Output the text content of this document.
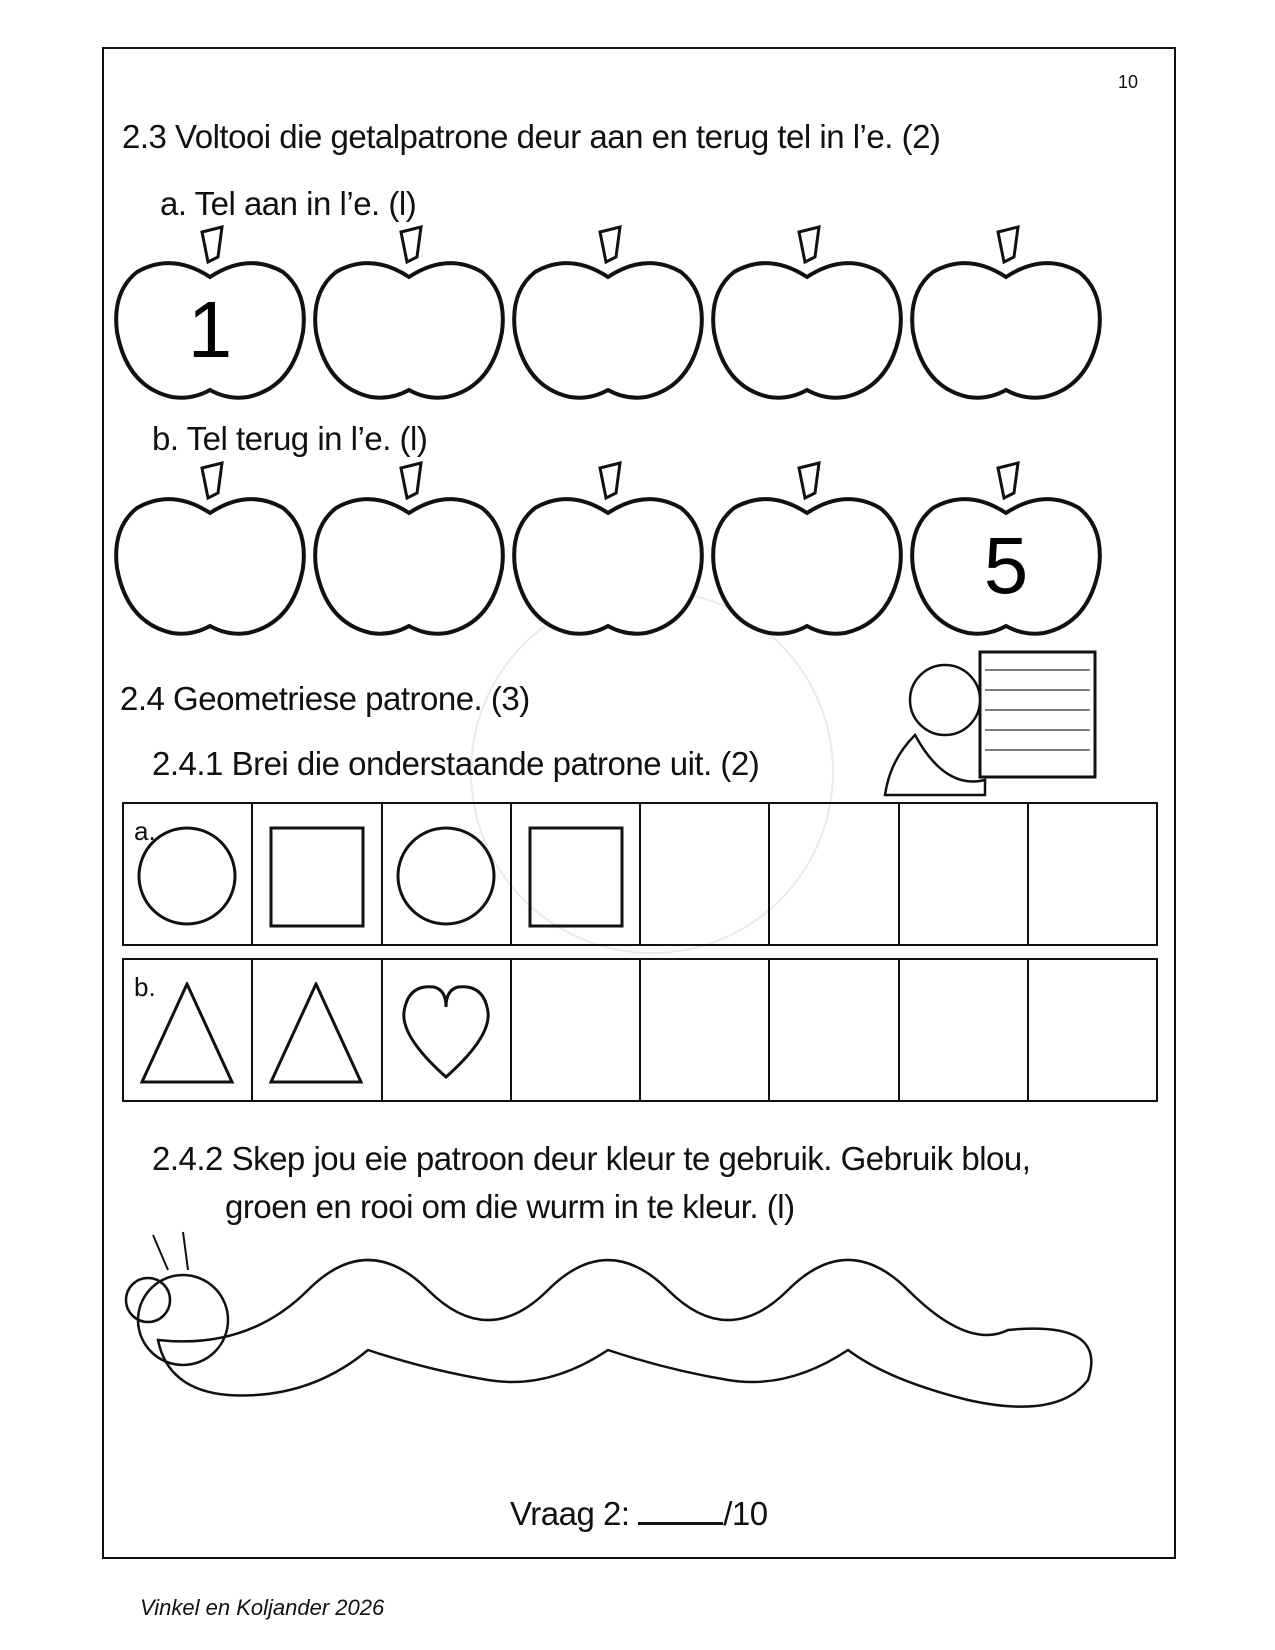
10
2.3 Voltooi die getalpatrone deur aan en terug tel in l’e. (2)
a. Tel aan in l’e. (l)
1
b. Tel terug in l’e. (l)
5
2.4 Geometriese patrone. (3)
2.4.1 Brei die onderstaande patrone uit. (2)
a.
b.
2.4.2 Skep jou eie patroon deur kleur te gebruik. Gebruik blou,
groen en rooi om die wurm in te kleur. (l)
Vraag 2:	/10
Vinkel en Koljander 2026
